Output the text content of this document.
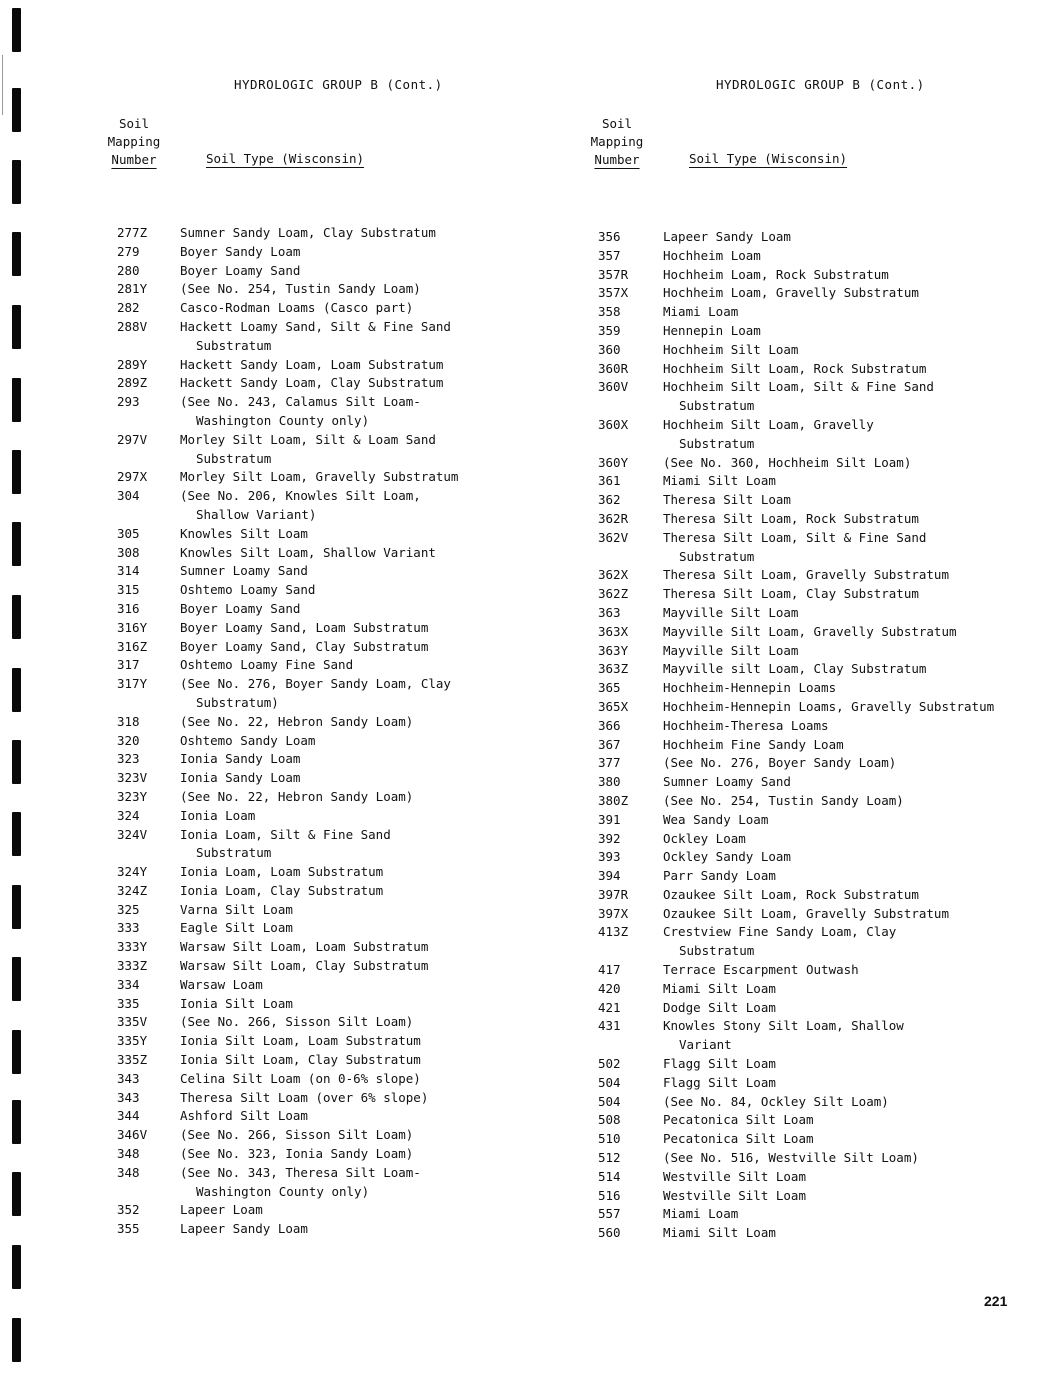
HYDROLOGIC GROUP B (Cont.)
Soil
Mapping
Number	Soil Type (Wisconsin)
277Z	Sumner Sandy Loam, Clay Substratum
279	Boyer Sandy Loam
280	Boyer Loamy Sand
281Y	(See No. 254, Tustin Sandy Loam)
282	Casco-Rodman Loams (Casco part)
288V	Hackett Loamy Sand, Silt & Fine Sand
Substratum
289Y	Hackett Sandy Loam, Loam Substratum
289Z	Hackett Sandy Loam, Clay Substratum
293	(See No. 243, Calamus Silt Loam-
Washington County only)
297V	Morley Silt Loam, Silt & Loam Sand
Substratum
297X	Morley Silt Loam, Gravelly Substratum
304	(See No. 206, Knowles Silt Loam,
Shallow Variant)
305	Knowles Silt Loam
308	Knowles Silt Loam, Shallow Variant
314	Sumner Loamy Sand
315	Oshtemo Loamy Sand
316	Boyer Loamy Sand
316Y	Boyer Loamy Sand, Loam Substratum
316Z	Boyer Loamy Sand, Clay Substratum
317	Oshtemo Loamy Fine Sand
317Y	(See No. 276, Boyer Sandy Loam, Clay
Substratum)
318	(See No. 22, Hebron Sandy Loam)
320	Oshtemo Sandy Loam
323	Ionia Sandy Loam
323V	Ionia Sandy Loam
323Y	(See No. 22, Hebron Sandy Loam)
324	Ionia Loam
324V	Ionia Loam, Silt & Fine Sand
Substratum
324Y	Ionia Loam, Loam Substratum
324Z	Ionia Loam, Clay Substratum
325	Varna Silt Loam
333	Eagle Silt Loam
333Y	Warsaw Silt Loam, Loam Substratum
333Z	Warsaw Silt Loam, Clay Substratum
334	Warsaw Loam
335	Ionia Silt Loam
335V	(See No. 266, Sisson Silt Loam)
335Y	Ionia Silt Loam, Loam Substratum
335Z	Ionia Silt Loam, Clay Substratum
343	Celina Silt Loam (on 0-6% slope)
343	Theresa Silt Loam (over 6% slope)
344	Ashford Silt Loam
346V	(See No. 266, Sisson Silt Loam)
348	(See No. 323, Ionia Sandy Loam)
348	(See No. 343, Theresa Silt Loam-
Washington County only)
352	Lapeer Loam
355	Lapeer Sandy Loam
HYDROLOGIC GROUP B (Cont.)
Soil
Mapping
Number	Soil Type (Wisconsin)
356	Lapeer Sandy Loam
357	Hochheim Loam
357R	Hochheim Loam, Rock Substratum
357X	Hochheim Loam, Gravelly Substratum
358	Miami Loam
359	Hennepin Loam
360	Hochheim Silt Loam
360R	Hochheim Silt Loam, Rock Substratum
360V	Hochheim Silt Loam, Silt & Fine Sand
Substratum
360X	Hochheim Silt Loam, Gravelly
Substratum
360Y	(See No. 360, Hochheim Silt Loam)
361	Miami Silt Loam
362	Theresa Silt Loam
362R	Theresa Silt Loam, Rock Substratum
362V	Theresa Silt Loam, Silt & Fine Sand
Substratum
362X	Theresa Silt Loam, Gravelly Substratum
362Z	Theresa Silt Loam, Clay Substratum
363	Mayville Silt Loam
363X	Mayville Silt Loam, Gravelly Substratum
363Y	Mayville Silt Loam
363Z	Mayville silt Loam, Clay Substratum
365	Hochheim-Hennepin Loams
365X	Hochheim-Hennepin Loams, Gravelly Substratum
366	Hochheim-Theresa Loams
367	Hochheim Fine Sandy Loam
377	(See No. 276, Boyer Sandy Loam)
380	Sumner Loamy Sand
380Z	(See No. 254, Tustin Sandy Loam)
391	Wea Sandy Loam
392	Ockley Loam
393	Ockley Sandy Loam
394	Parr Sandy Loam
397R	Ozaukee Silt Loam, Rock Substratum
397X	Ozaukee Silt Loam, Gravelly Substratum
413Z	Crestview Fine Sandy Loam, Clay
Substratum
417	Terrace Escarpment Outwash
420	Miami Silt Loam
421	Dodge Silt Loam
431	Knowles Stony Silt Loam, Shallow
Variant
502	Flagg Silt Loam
504	Flagg Silt Loam
504	(See No. 84, Ockley Silt Loam)
508	Pecatonica Silt Loam
510	Pecatonica Silt Loam
512	(See No. 516, Westville Silt Loam)
514	Westville Silt Loam
516	Westville Silt Loam
557	Miami Loam
560	Miami Silt Loam
221
